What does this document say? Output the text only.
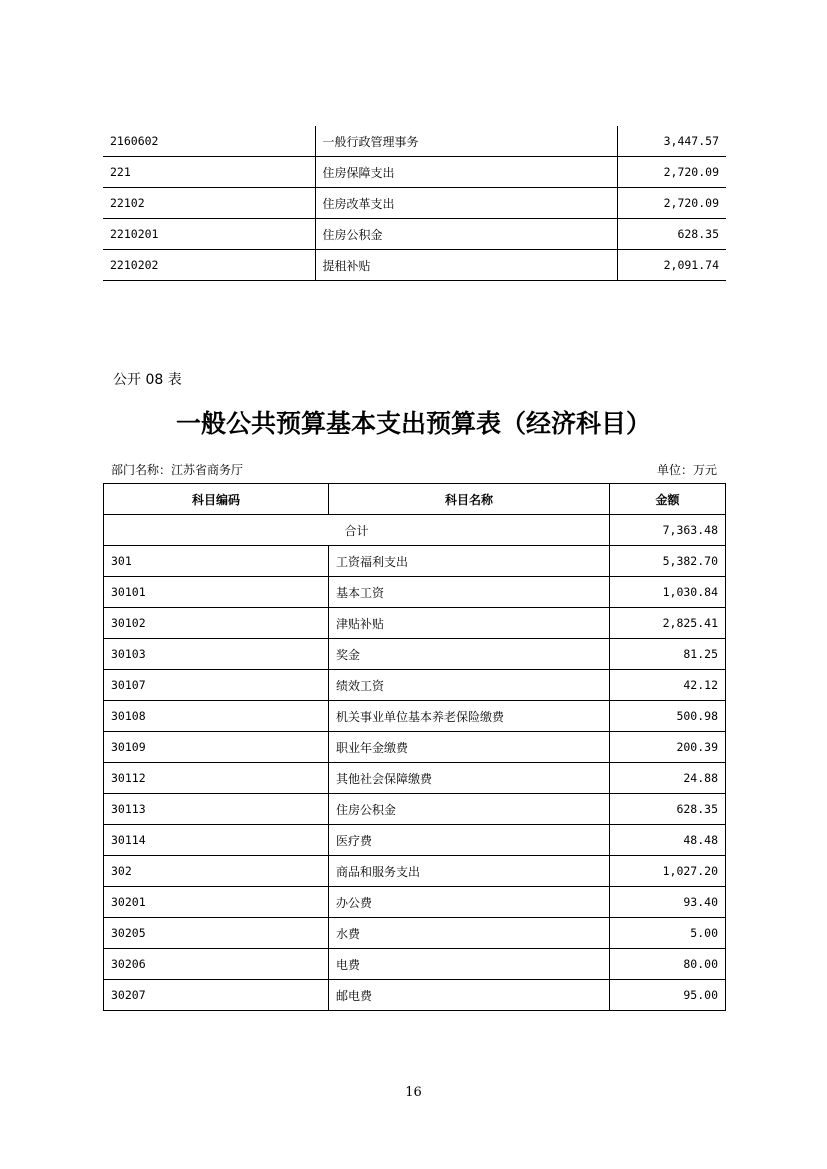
2160602	一般行政管理事务	3,447.57
221	住房保障支出	2,720.09
22102	住房改革支出	2,720.09
2210201	住房公积金	628.35
2210202	提租补贴	2,091.74
公开 08 表
一般公共预算基本支出预算表（经济科目）
部门名称：江苏省商务厅	单位：万元
科目编码	科目名称	金额
合计		7,363.48
301	工资福利支出	5,382.70
30101	基本工资	1,030.84
30102	津贴补贴	2,825.41
30103	奖金	81.25
30107	绩效工资	42.12
30108	机关事业单位基本养老保险缴费	500.98
30109	职业年金缴费	200.39
30112	其他社会保障缴费	24.88
30113	住房公积金	628.35
30114	医疗费	48.48
302	商品和服务支出	1,027.20
30201	办公费	93.40
30205	水费	5.00
30206	电费	80.00
30207	邮电费	95.00
16
